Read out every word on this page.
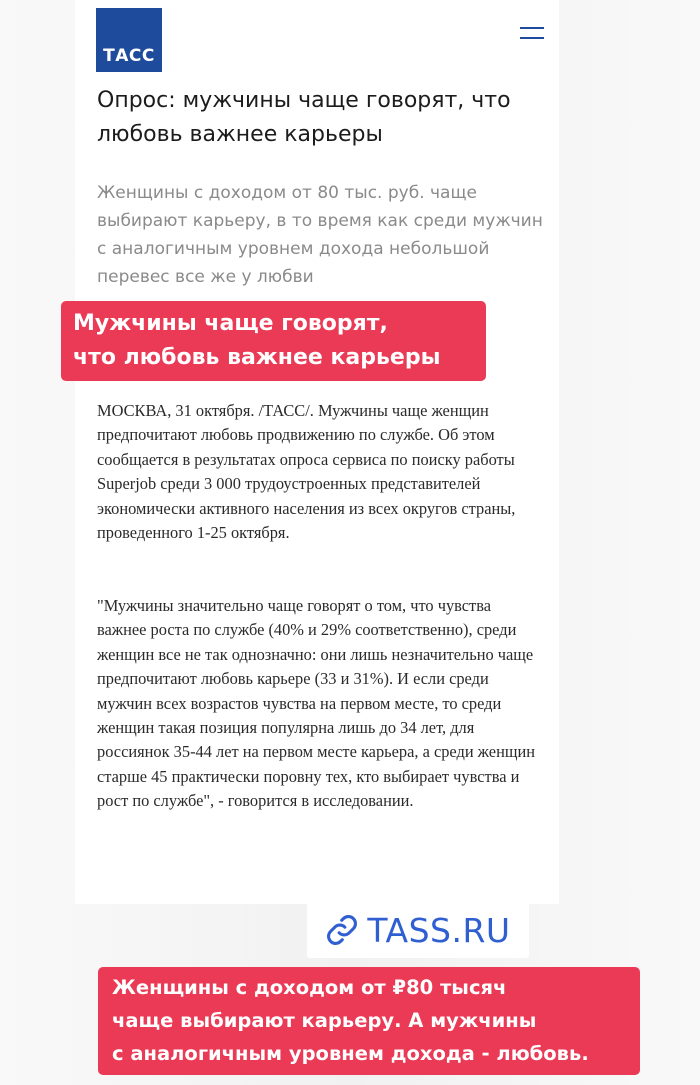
ТАСС
Опрос: мужчины чаще говорят, что любовь важнее карьеры

Женщины с доходом от 80 тыс. руб. чаще выбирают карьеру, в то время как среди мужчин с аналогичным уровнем дохода небольшой перевес все же у любви

Мужчины чаще говорят,
что любовь важнее карьеры

МОСКВА, 31 октября. /ТАСС/. Мужчины чаще женщин предпочитают любовь продвижению по службе. Об этом сообщается в результатах опроса сервиса по поиску работы Superjob среди 3 000 трудоустроенных представителей экономически активного населения из всех округов страны, проведенного 1-25 октября.

"Мужчины значительно чаще говорят о том, что чувства важнее роста по службе (40% и 29% соответственно), среди женщин все не так однозначно: они лишь незначительно чаще предпочитают любовь карьере (33 и 31%). И если среди мужчин всех возрастов чувства на первом месте, то среди женщин такая позиция популярна лишь до 34 лет, для россиянок 35-44 лет на первом месте карьера, а среди женщин старше 45 практически поровну тех, кто выбирает чувства и рост по службе", - говорится в исследовании.

TASS.RU
Женщины с доходом от ₽80 тысяч
чаще выбирают карьеру. А мужчины
с аналогичным уровнем дохода - любовь.
